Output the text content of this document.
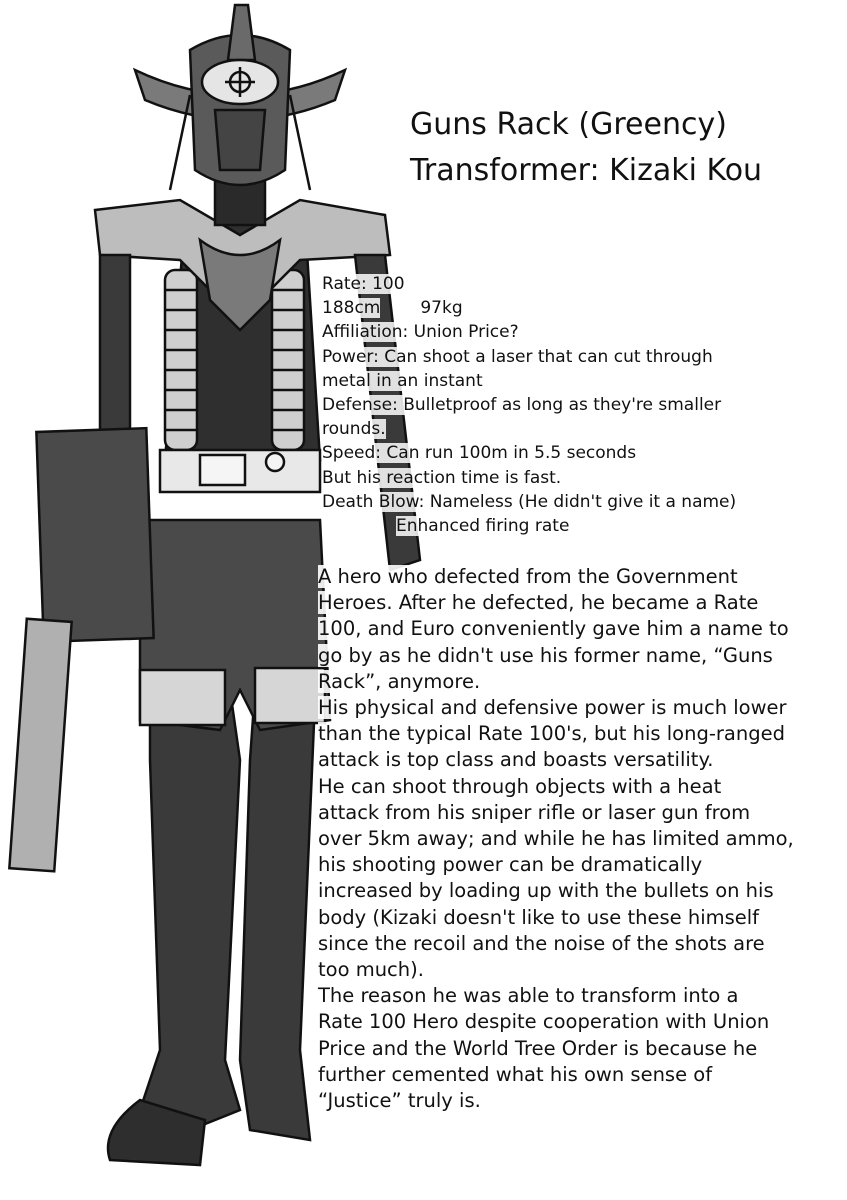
Guns Rack (Greency)
Transformer: Kizaki Kou
Rate: 100
188cm 97kg
Affiliation: Union Price?
Power: Can shoot a laser that can cut through
metal in an instant
Defense: Bulletproof as long as they're smaller
rounds.
Speed: Can run 100m in 5.5 seconds
But his reaction time is fast.
Death Blow: Nameless (He didn't give it a name)
Enhanced firing rate
A hero who defected from the Government
Heroes. After he defected, he became a Rate
100, and Euro conveniently gave him a name to
go by as he didn't use his former name, “Guns
Rack”, anymore.
His physical and defensive power is much lower
than the typical Rate 100's, but his long-ranged
attack is top class and boasts versatility.
He can shoot through objects with a heat
attack from his sniper rifle or laser gun from
over 5km away; and while he has limited ammo,
his shooting power can be dramatically
increased by loading up with the bullets on his
body (Kizaki doesn't like to use these himself
since the recoil and the noise of the shots are
too much).
The reason he was able to transform into a
Rate 100 Hero despite cooperation with Union
Price and the World Tree Order is because he
further cemented what his own sense of
“Justice” truly is.
